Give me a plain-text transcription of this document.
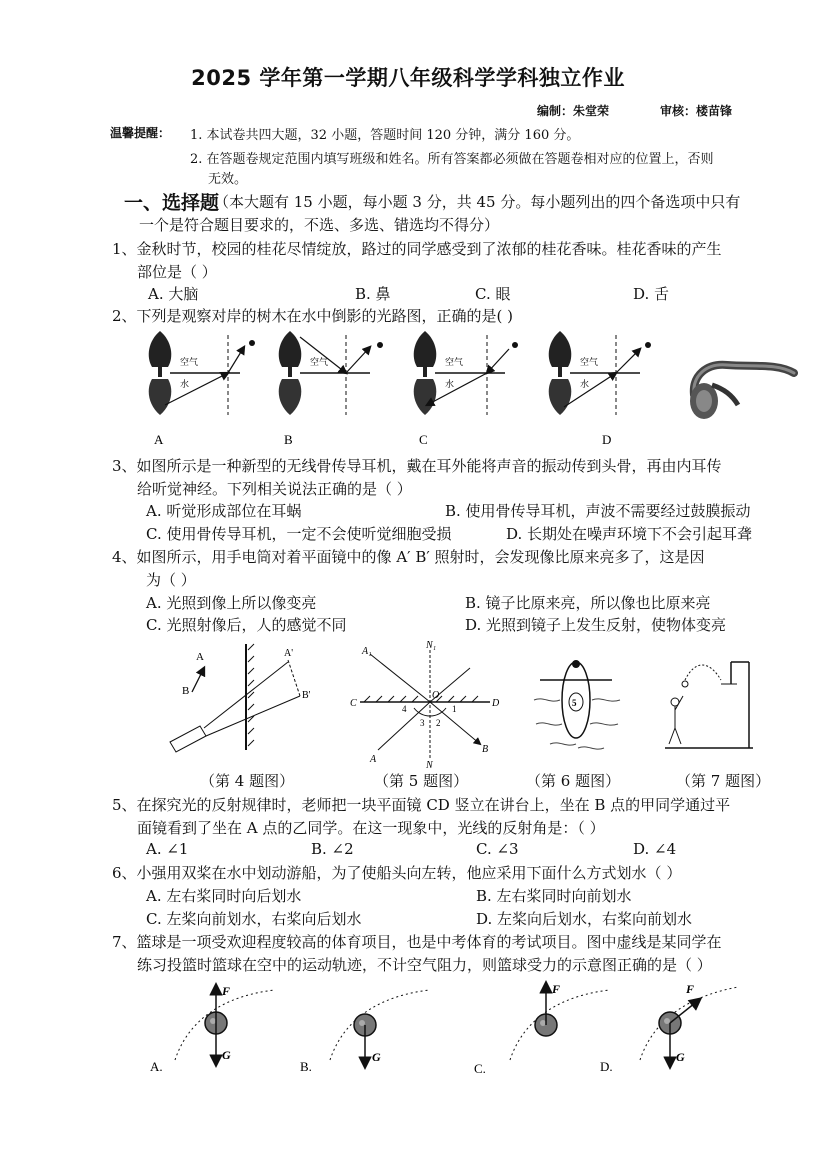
2025 学年第一学期八年级科学学科独立作业
编制：朱堂荣	审核：楼苗锋
温馨提醒： 1. 本试卷共四大题，32 小题，答题时间 120 分钟，满分 160 分。
2. 在答题卷规定范围内填写班级和姓名。所有答案都必须做在答题卷相对应的位置上，否则
无效。
一、选择题
（本大题有 15 小题，每小题 3 分，共 45 分。每小题列出的四个备选项中只有
一个是符合题目要求的，不选、多选、错选均不得分）
1、金秋时节，校园的桂花尽情绽放，路过的同学感受到了浓郁的桂花香味。桂花香味的产生
部位是（ ）
A. 大脑	B. 鼻	C. 眼	D. 舌
2、下列是观察对岸的树木在水中倒影的光路图，正确的是( )
空气
水
A
空气
B
空气
水
C
空气
水
D
3、如图所示是一种新型的无线骨传导耳机，戴在耳外能将声音的振动传到头骨，再由内耳传
给听觉神经。下列相关说法正确的是（ ）
A. 听觉形成部位在耳蜗	B. 使用骨传导耳机，声波不需要经过鼓膜振动
C. 使用骨传导耳机，一定不会使听觉细胞受损	D. 长期处在噪声环境下不会引起耳聋
4、如图所示，用手电筒对着平面镜中的像 A′ B′ 照射时，会发现像比原来亮多了，这是因
为（ ）
A. 光照到像上所以像变亮	B. 镜子比原来亮，所以像也比原来亮
C. 光照射像后，人的感觉不同	D. 光照到镜子上发生反射，使物体变亮
A
B
A'
B'
A₁
N₁
C	D
O
4	1
3 2
A
N
B
5
（第 4 题图）	（第 5 题图）	（第 6 题图）	（第 7 题图）
5、在探究光的反射规律时，老师把一块平面镜 CD 竖立在讲台上，坐在 B 点的甲同学通过平
面镜看到了坐在 A 点的乙同学。在这一现象中，光线的反射角是：（ ）
A. ∠1	B. ∠2	C. ∠3	D. ∠4
6、小强用双桨在水中划动游船，为了使船头向左转，他应采用下面什么方式划水（ ）
A. 左右桨同时向后划水	B. 左右桨同时向前划水
C. 左桨向前划水，右桨向后划水	D. 左桨向后划水，右桨向前划水
7、篮球是一项受欢迎程度较高的体育项目，也是中考体育的考试项目。图中虚线是某同学在
练习投篮时篮球在空中的运动轨迹，不计空气阻力，则篮球受力的示意图正确的是（ ）
F
G
A.
G
B.
F
C.
F
G
D.
